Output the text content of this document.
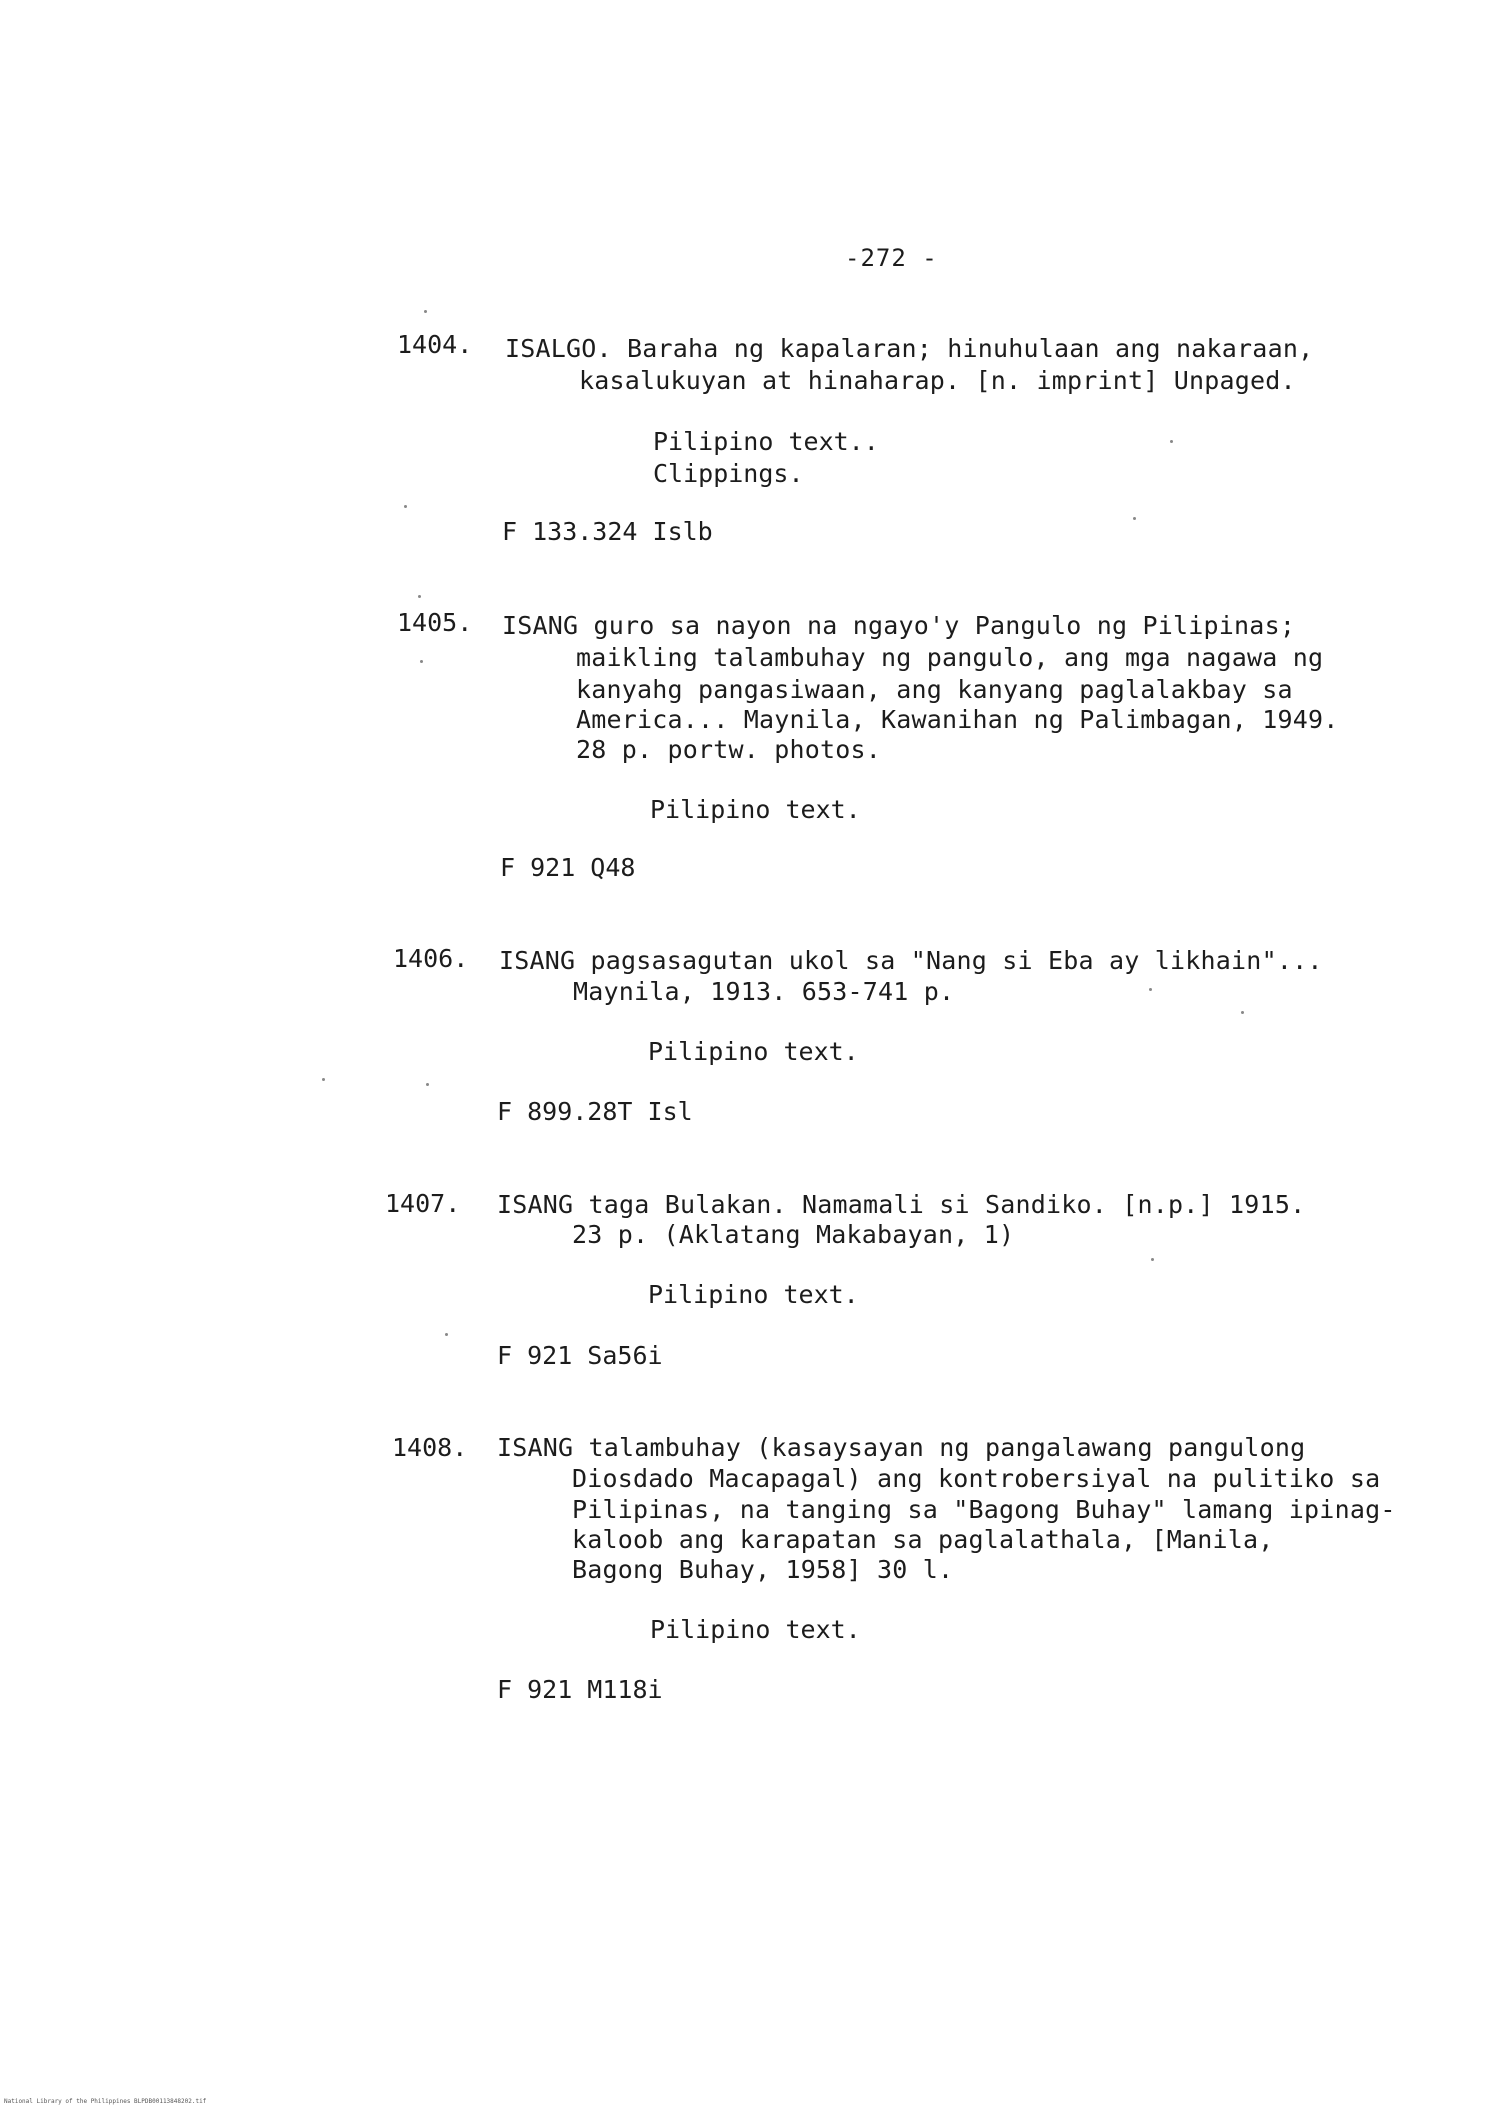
-272 -
1404. ISALGO. Baraha ng kapalaran; hinuhulaan ang nakaraan,
kasalukuyan at hinaharap. [n. imprint] Unpaged.
Pilipino text..
Clippings.
F 133.324 Islb
1405. ISANG guro sa nayon na ngayo'y Pangulo ng Pilipinas;
maikling talambuhay ng pangulo, ang mga nagawa ng
kanyahg pangasiwaan, ang kanyang paglalakbay sa
America... Maynila, Kawanihan ng Palimbagan, 1949.
28 p. portw. photos.
Pilipino text.
F 921 Q48
1406. ISANG pagsasagutan ukol sa "Nang si Eba ay likhain"...
Maynila, 1913. 653-741 p.
Pilipino text.
F 899.28T Isl
1407. ISANG taga Bulakan. Namamali si Sandiko. [n.p.] 1915.
23 p. (Aklatang Makabayan, 1)
Pilipino text.
F 921 Sa56i
1408. ISANG talambuhay (kasaysayan ng pangalawang pangulong
Diosdado Macapagal) ang kontrobersiyal na pulitiko sa
Pilipinas, na tanging sa "Bagong Buhay" lamang ipinag-
kaloob ang karapatan sa paglalathala, [Manila,
Bagong Buhay, 1958] 30 l.
Pilipino text.
F 921 M118i
National Library of the Philippines BLPDB00113848202.tif
